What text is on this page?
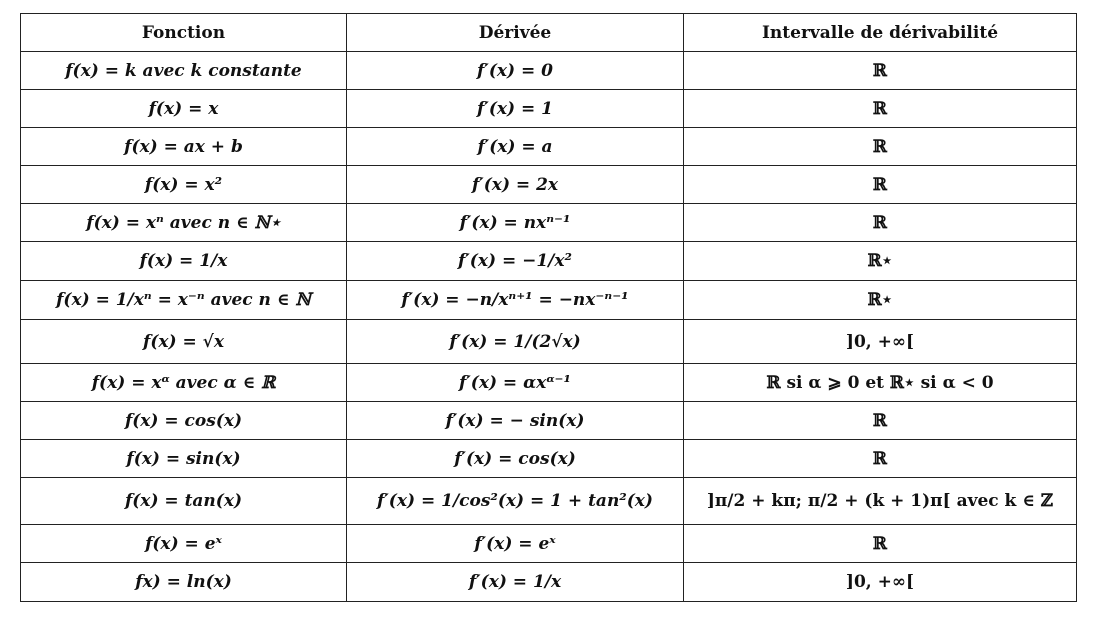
Fonction	Dérivée	Intervalle de dérivabilité
f(x) = k avec k constante	f′(x) = 0	ℝ
f(x) = x	f′(x) = 1	ℝ
f(x) = ax + b	f′(x) = a	ℝ
f(x) = x²	f′(x) = 2x	ℝ
f(x) = xⁿ avec n ∈ ℕ⋆	f′(x) = nxⁿ⁻¹	ℝ
f(x) = 1/x	f′(x) = −1/x²	ℝ⋆
f(x) = 1/xⁿ = x⁻ⁿ avec n ∈ ℕ	f′(x) = −n/xⁿ⁺¹ = −nx⁻ⁿ⁻¹	ℝ⋆
f(x) = √x	f′(x) = 1/(2√x)	]0, +∞[
f(x) = xᵅ avec α ∈ ℝ	f′(x) = αxᵅ⁻¹	ℝ si α ⩾ 0 et ℝ⋆ si α < 0
f(x) = cos(x)	f′(x) = − sin(x)	ℝ
f(x) = sin(x)	f′(x) = cos(x)	ℝ
f(x) = tan(x)	f′(x) = 1/cos²(x) = 1 + tan²(x)	]π/2 + kπ; π/2 + (k + 1)π[ avec k ∈ ℤ
f(x) = eˣ	f′(x) = eˣ	ℝ
fx) = ln(x)	f′(x) = 1/x	]0, +∞[
